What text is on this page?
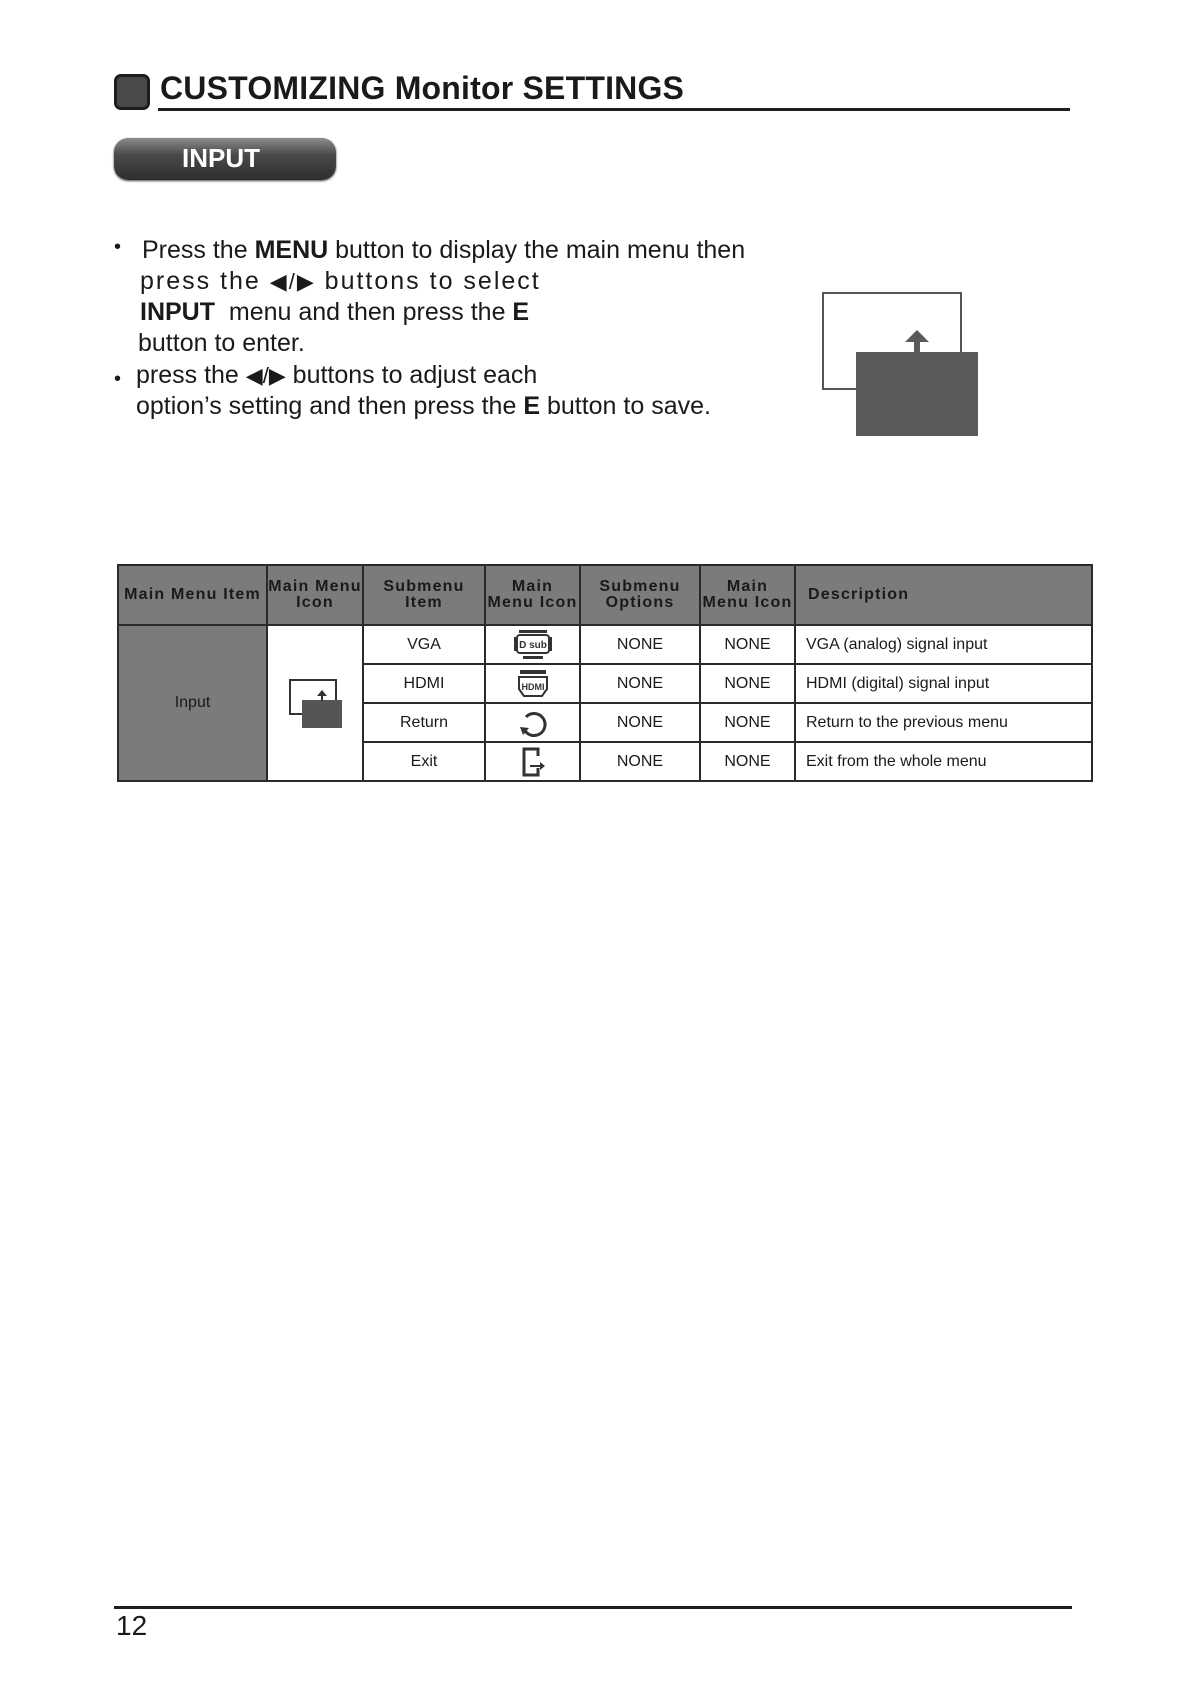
CUSTOMIZING Monitor SETTINGS
INPUT
• Press the MENU button to display the main menu then
press the ◀/▶ buttons to select
INPUT  menu and then press the E
button to enter.
• press the ◀/▶ buttons to adjust each
option’s setting and then press the E button to save.
Main Menu Item	Main Menu Icon	Submenu Item	Main Menu Icon	Submenu Options	Main Menu Icon	Description
Input		VGA	D sub	NONE	NONE	VGA (analog) signal input
		HDMI	HDMI	NONE	NONE	HDMI (digital) signal input
		Return		NONE	NONE	Return to the previous menu
		Exit		NONE	NONE	Exit from the whole menu
12
